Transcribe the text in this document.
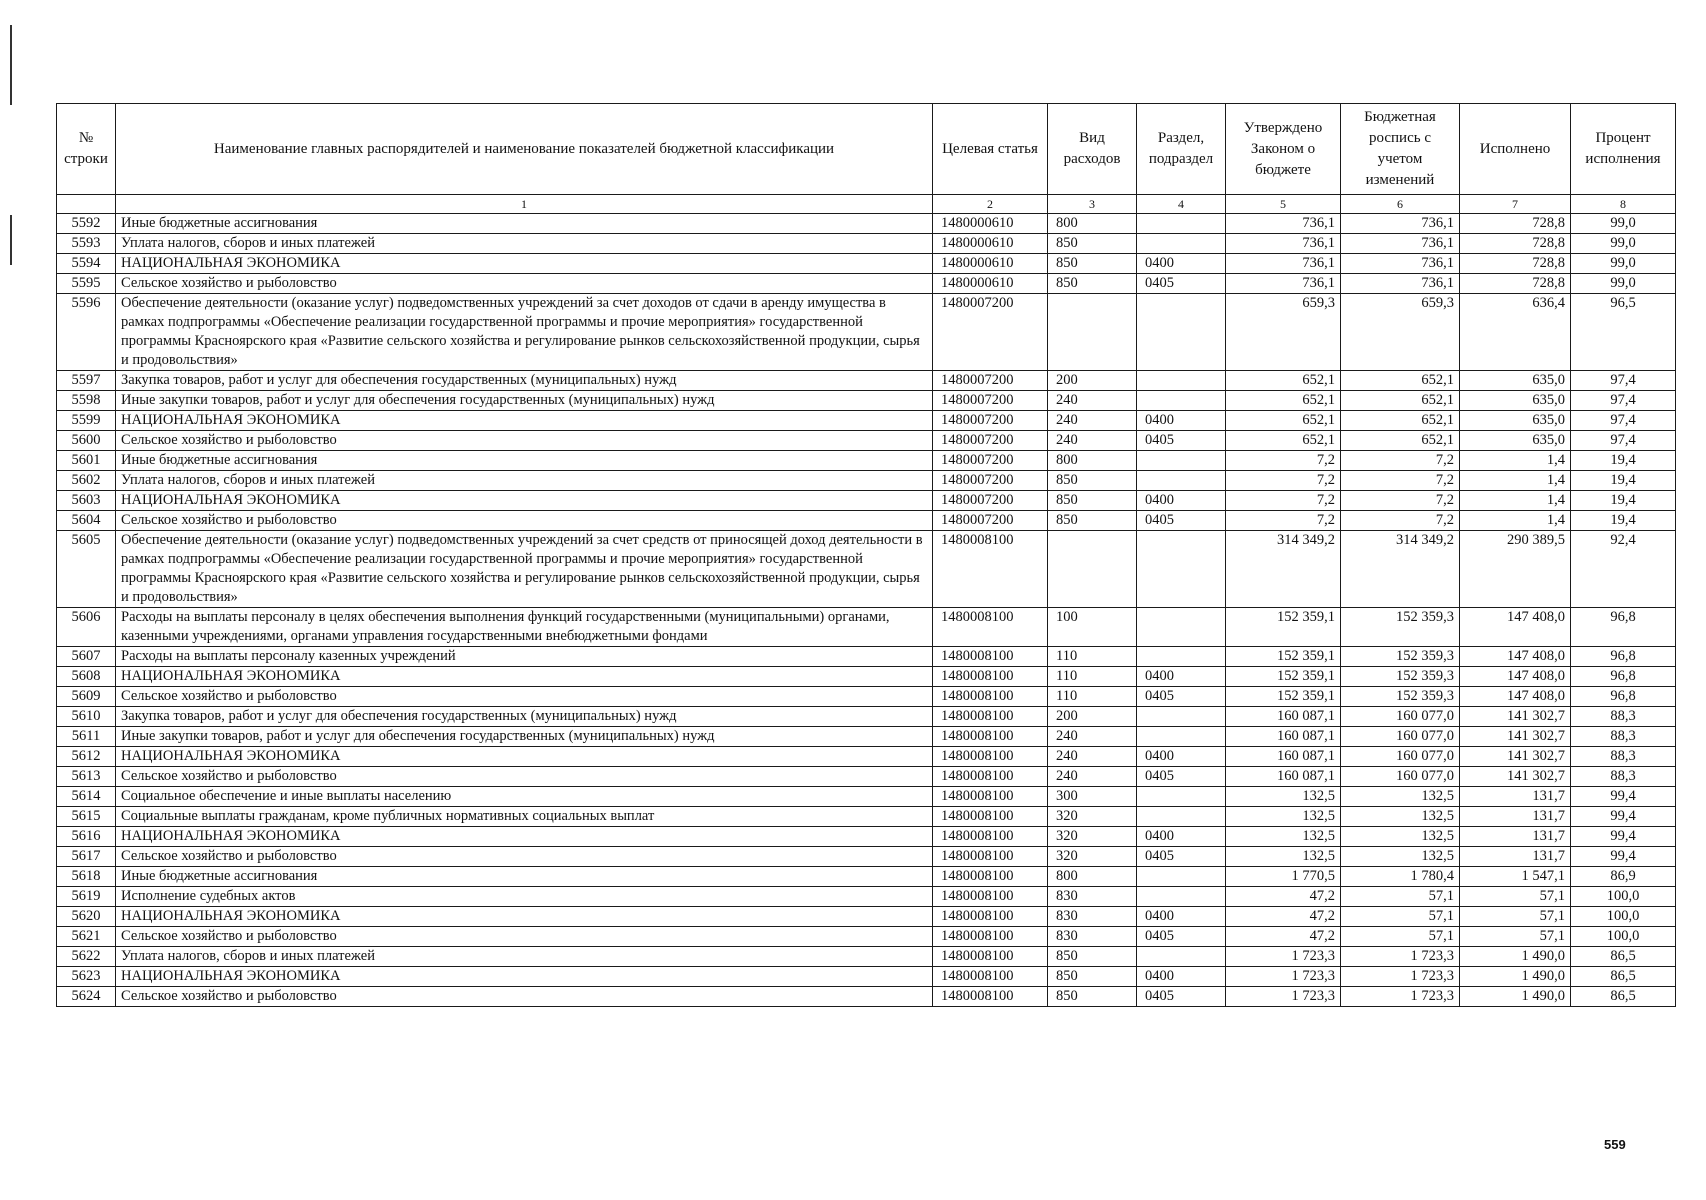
№ строки	Наименование главных распорядителей и наименование показателей бюджетной классификации	Целевая статья	Вид расходов	Раздел, подраздел	Утверждено Законом о бюджете	Бюджетная роспись с учетом изменений	Исполнено	Процент исполнения
	1	2	3	4	5	6	7	8
5592	Иные бюджетные ассигнования	1480000610	800		736,1	736,1	728,8	99,0
5593	Уплата налогов, сборов и иных платежей	1480000610	850		736,1	736,1	728,8	99,0
5594	НАЦИОНАЛЬНАЯ ЭКОНОМИКА	1480000610	850	0400	736,1	736,1	728,8	99,0
5595	Сельское хозяйство и рыболовство	1480000610	850	0405	736,1	736,1	728,8	99,0
5596	Обеспечение деятельности (оказание услуг) подведомственных учреждений за счет доходов от сдачи в аренду имущества в рамках подпрограммы «Обеспечение реализации государственной программы и прочие мероприятия» государственной программы Красноярского края «Развитие сельского хозяйства и регулирование рынков сельскохозяйственной продукции, сырья и продовольствия»	1480007200			659,3	659,3	636,4	96,5
5597	Закупка товаров, работ и услуг для обеспечения государственных (муниципальных) нужд	1480007200	200		652,1	652,1	635,0	97,4
5598	Иные закупки товаров, работ и услуг для обеспечения государственных (муниципальных) нужд	1480007200	240		652,1	652,1	635,0	97,4
5599	НАЦИОНАЛЬНАЯ ЭКОНОМИКА	1480007200	240	0400	652,1	652,1	635,0	97,4
5600	Сельское хозяйство и рыболовство	1480007200	240	0405	652,1	652,1	635,0	97,4
5601	Иные бюджетные ассигнования	1480007200	800		7,2	7,2	1,4	19,4
5602	Уплата налогов, сборов и иных платежей	1480007200	850		7,2	7,2	1,4	19,4
5603	НАЦИОНАЛЬНАЯ ЭКОНОМИКА	1480007200	850	0400	7,2	7,2	1,4	19,4
5604	Сельское хозяйство и рыболовство	1480007200	850	0405	7,2	7,2	1,4	19,4
5605	Обеспечение деятельности (оказание услуг) подведомственных учреждений за счет средств от приносящей доход деятельности в рамках подпрограммы «Обеспечение реализации государственной программы и прочие мероприятия» государственной программы Красноярского края «Развитие сельского хозяйства и регулирование рынков сельскохозяйственной продукции, сырья и продовольствия»	1480008100			314 349,2	314 349,2	290 389,5	92,4
5606	Расходы на выплаты персоналу в целях обеспечения выполнения функций государственными (муниципальными) органами, казенными учреждениями, органами управления государственными внебюджетными фондами	1480008100	100		152 359,1	152 359,3	147 408,0	96,8
5607	Расходы на выплаты персоналу казенных учреждений	1480008100	110		152 359,1	152 359,3	147 408,0	96,8
5608	НАЦИОНАЛЬНАЯ ЭКОНОМИКА	1480008100	110	0400	152 359,1	152 359,3	147 408,0	96,8
5609	Сельское хозяйство и рыболовство	1480008100	110	0405	152 359,1	152 359,3	147 408,0	96,8
5610	Закупка товаров, работ и услуг для обеспечения государственных (муниципальных) нужд	1480008100	200		160 087,1	160 077,0	141 302,7	88,3
5611	Иные закупки товаров, работ и услуг для обеспечения государственных (муниципальных) нужд	1480008100	240		160 087,1	160 077,0	141 302,7	88,3
5612	НАЦИОНАЛЬНАЯ ЭКОНОМИКА	1480008100	240	0400	160 087,1	160 077,0	141 302,7	88,3
5613	Сельское хозяйство и рыболовство	1480008100	240	0405	160 087,1	160 077,0	141 302,7	88,3
5614	Социальное обеспечение и иные выплаты населению	1480008100	300		132,5	132,5	131,7	99,4
5615	Социальные выплаты гражданам, кроме публичных нормативных социальных выплат	1480008100	320		132,5	132,5	131,7	99,4
5616	НАЦИОНАЛЬНАЯ ЭКОНОМИКА	1480008100	320	0400	132,5	132,5	131,7	99,4
5617	Сельское хозяйство и рыболовство	1480008100	320	0405	132,5	132,5	131,7	99,4
5618	Иные бюджетные ассигнования	1480008100	800		1 770,5	1 780,4	1 547,1	86,9
5619	Исполнение судебных актов	1480008100	830		47,2	57,1	57,1	100,0
5620	НАЦИОНАЛЬНАЯ ЭКОНОМИКА	1480008100	830	0400	47,2	57,1	57,1	100,0
5621	Сельское хозяйство и рыболовство	1480008100	830	0405	47,2	57,1	57,1	100,0
5622	Уплата налогов, сборов и иных платежей	1480008100	850		1 723,3	1 723,3	1 490,0	86,5
5623	НАЦИОНАЛЬНАЯ ЭКОНОМИКА	1480008100	850	0400	1 723,3	1 723,3	1 490,0	86,5
5624	Сельское хозяйство и рыболовство	1480008100	850	0405	1 723,3	1 723,3	1 490,0	86,5
559
